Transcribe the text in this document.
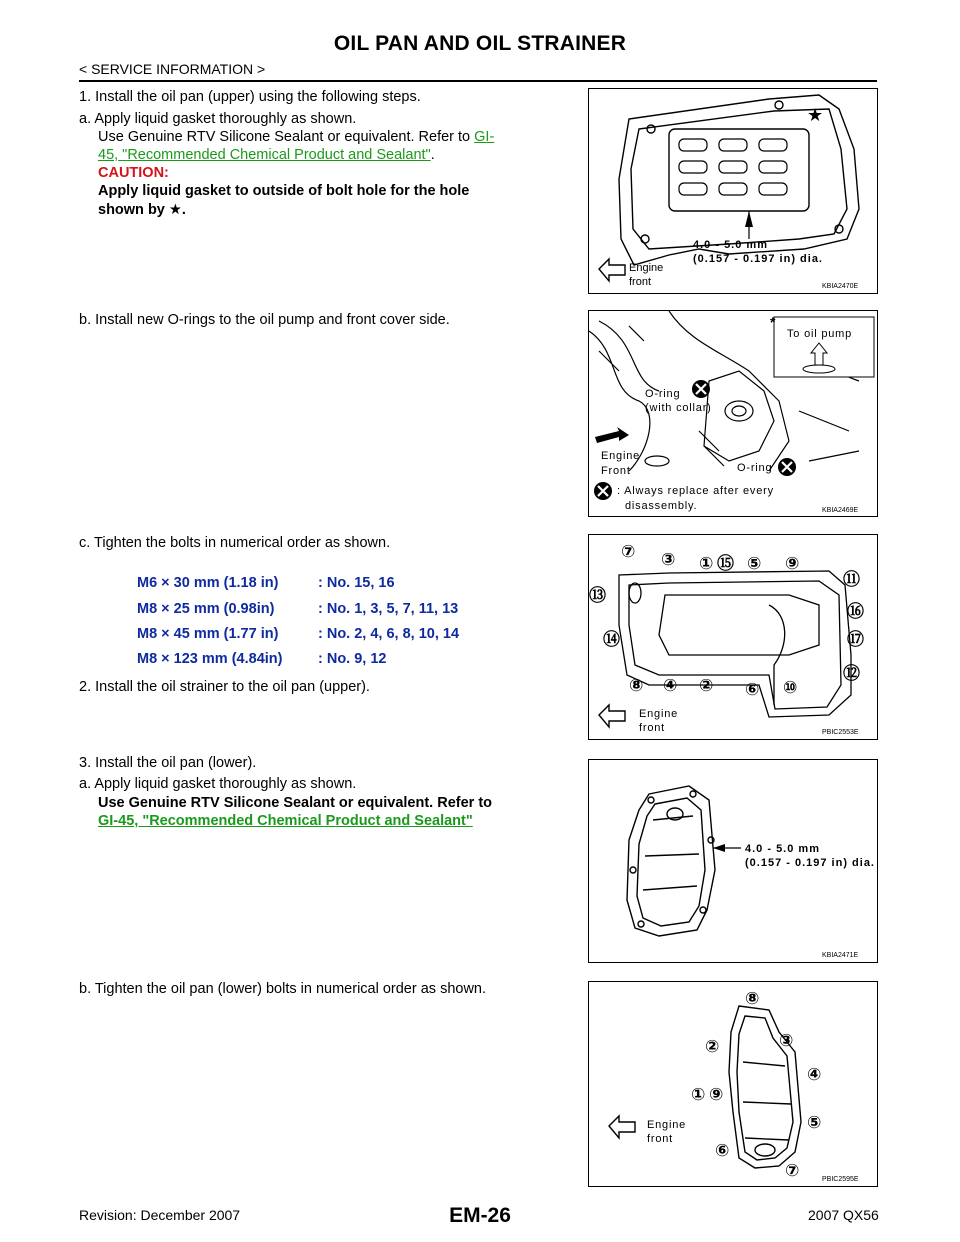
OIL PAN AND OIL STRAINER
< SERVICE INFORMATION >
1. Install the oil pan (upper) using the following steps.
a. Apply liquid gasket thoroughly as shown.
Use Genuine RTV Silicone Sealant or equivalent. Refer to GI-
45, "Recommended Chemical Product and Sealant".
CAUTION:
Apply liquid gasket to outside of bolt hole for the hole
shown by ★.
★
4.0 - 5.0 mm
(0.157 - 0.197 in) dia.
Engine
front	KBIA2470E
b. Install new O-rings to the oil pump and front cover side.	*
To oil pump
O-ring
(with collar)
Engine
Front	O-ring
: Always replace after every
disassembly.	KBIA2469E
c. Tighten the bolts in numerical order as shown.
M6 × 30 mm (1.18 in)	: No. 15, 16
M8 × 25 mm (0.98in)	: No. 1, 3, 5, 7, 11, 13
M8 × 45 mm (1.77 in)	: No. 2, 4, 6, 8, 10, 14
M8 × 123 mm (4.84in) : No. 9, 12
2. Install the oil strainer to the oil pan (upper).
⑦ ③ ① ⑮ ⑤ ⑨
⑪
⑬
⑯
⑰
⑭
⑫
⑧ ④ ② ⑥ ⑩
Engine
front	PBIC2553E
3. Install the oil pan (lower).
a. Apply liquid gasket thoroughly as shown.
Use Genuine RTV Silicone Sealant or equivalent. Refer to
GI-45, "Recommended Chemical Product and Sealant"
4.0 - 5.0 mm
(0.157 - 0.197 in) dia.
KBIA2471E
b. Tighten the oil pan (lower) bolts in numerical order as shown.	⑧
③
②
④
① ⑨
⑤
⑥
⑦
Engine
front
PBIC2595E
Revision: December 2007	EM-26	2007 QX56
